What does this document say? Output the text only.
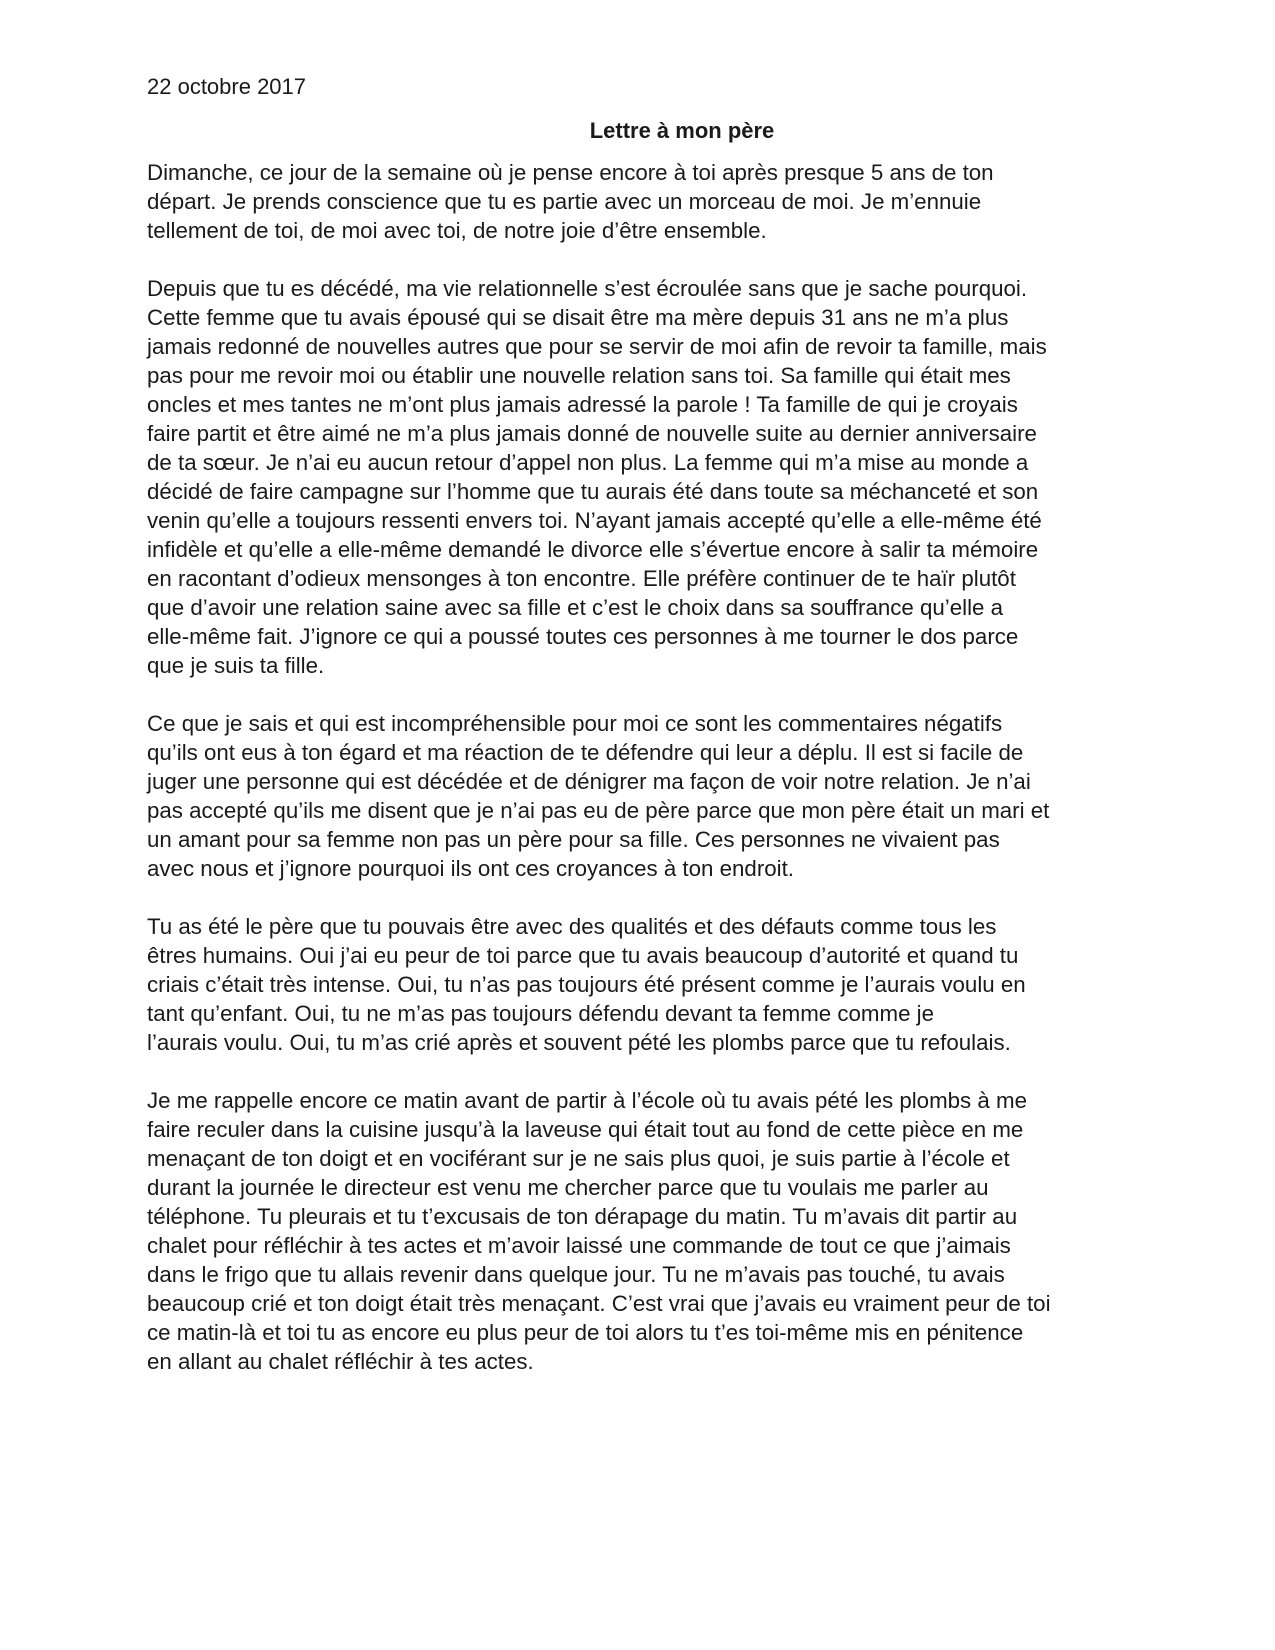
22 octobre 2017
Lettre à mon père

Dimanche, ce jour de la semaine où je pense encore à toi après presque 5 ans de ton
départ. Je prends conscience que tu es partie avec un morceau de moi. Je m’ennuie
tellement de toi, de moi avec toi, de notre joie d’être ensemble.

Depuis que tu es décédé, ma vie relationnelle s’est écroulée sans que je sache pourquoi.
Cette femme que tu avais épousé qui se disait être ma mère depuis 31 ans ne m’a plus
jamais redonné de nouvelles autres que pour se servir de moi afin de revoir ta famille, mais
pas pour me revoir moi ou établir une nouvelle relation sans toi. Sa famille qui était mes
oncles et mes tantes ne m’ont plus jamais adressé la parole ! Ta famille de qui je croyais
faire partit et être aimé ne m’a plus jamais donné de nouvelle suite au dernier anniversaire
de ta sœur. Je n’ai eu aucun retour d’appel non plus. La femme qui m’a mise au monde a
décidé de faire campagne sur l’homme que tu aurais été dans toute sa méchanceté et son
venin qu’elle a toujours ressenti envers toi. N’ayant jamais accepté qu’elle a elle-même été
infidèle et qu’elle a elle-même demandé le divorce elle s’évertue encore à salir ta mémoire
en racontant d’odieux mensonges à ton encontre. Elle préfère continuer de te haïr plutôt
que d’avoir une relation saine avec sa fille et c’est le choix dans sa souffrance qu’elle a
elle-même fait. J’ignore ce qui a poussé toutes ces personnes à me tourner le dos parce
que je suis ta fille.

Ce que je sais et qui est incompréhensible pour moi ce sont les commentaires négatifs
qu’ils ont eus à ton égard et ma réaction de te défendre qui leur a déplu. Il est si facile de
juger une personne qui est décédée et de dénigrer ma façon de voir notre relation. Je n’ai
pas accepté qu’ils me disent que je n’ai pas eu de père parce que mon père était un mari et
un amant pour sa femme non pas un père pour sa fille. Ces personnes ne vivaient pas
avec nous et j’ignore pourquoi ils ont ces croyances à ton endroit.

Tu as été le père que tu pouvais être avec des qualités et des défauts comme tous les
êtres humains. Oui j’ai eu peur de toi parce que tu avais beaucoup d’autorité et quand tu
criais c’était très intense. Oui, tu n’as pas toujours été présent comme je l’aurais voulu en
tant qu’enfant. Oui, tu ne m’as pas toujours défendu devant ta femme comme je
l’aurais voulu. Oui, tu m’as crié après et souvent pété les plombs parce que tu refoulais.

Je me rappelle encore ce matin avant de partir à l’école où tu avais pété les plombs à me
faire reculer dans la cuisine jusqu’à la laveuse qui était tout au fond de cette pièce en me
menaçant de ton doigt et en vociférant sur je ne sais plus quoi, je suis partie à l’école et
durant la journée le directeur est venu me chercher parce que tu voulais me parler au
téléphone. Tu pleurais et tu t’excusais de ton dérapage du matin. Tu m’avais dit partir au
chalet pour réfléchir à tes actes et m’avoir laissé une commande de tout ce que j’aimais
dans le frigo que tu allais revenir dans quelque jour. Tu ne m’avais pas touché, tu avais
beaucoup crié et ton doigt était très menaçant. C’est vrai que j’avais eu vraiment peur de toi
ce matin-là et toi tu as encore eu plus peur de toi alors tu t’es toi-même mis en pénitence
en allant au chalet réfléchir à tes actes.
